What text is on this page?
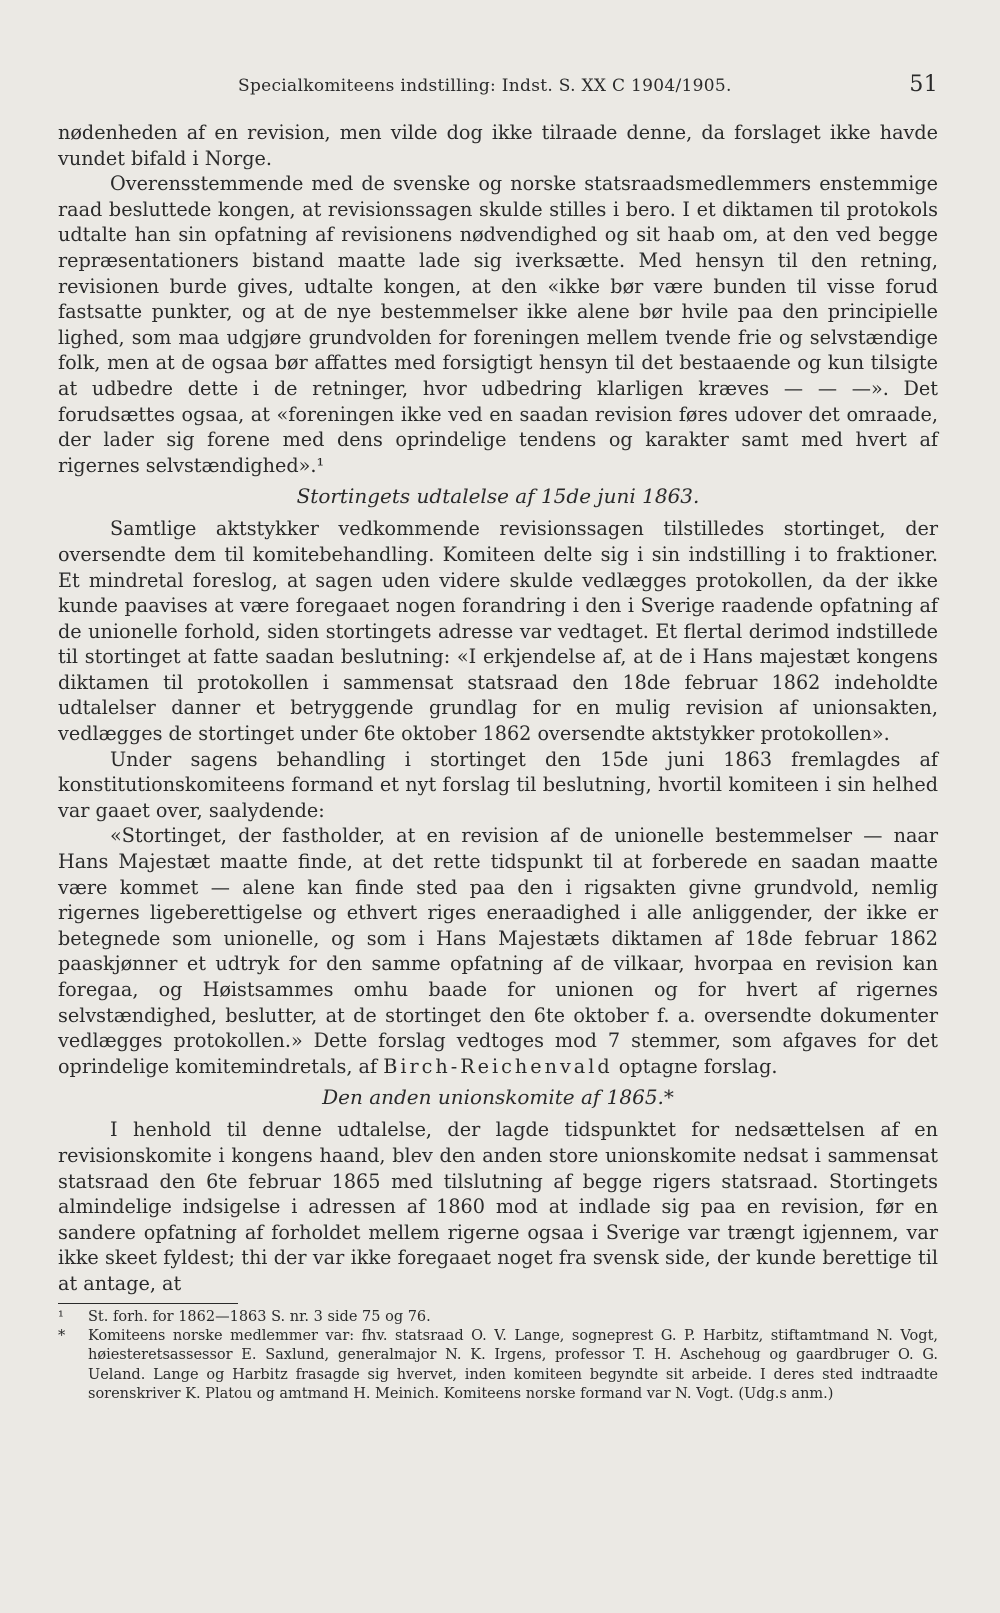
Specialkomiteens indstilling: Indst. S. XX C 1904/1905.	51

nødenheden af en revision, men vilde dog ikke tilraade denne, da forslaget ikke havde vundet bifald i Norge.

Overensstemmende med de svenske og norske statsraadsmedlemmers enstemmige raad besluttede kongen, at revisionssagen skulde stilles i bero. I et diktamen til protokols udtalte han sin opfatning af revisionens nødvendighed og sit haab om, at den ved begge repræsentationers bistand maatte lade sig iverksætte. Med hensyn til den retning, revisionen burde gives, udtalte kongen, at den «ikke bør være bunden til visse forud fastsatte punkter, og at de nye bestemmelser ikke alene bør hvile paa den principielle lighed, som maa udgjøre grundvolden for foreningen mellem tvende frie og selvstændige folk, men at de ogsaa bør affattes med forsigtigt hensyn til det bestaaende og kun tilsigte at udbedre dette i de retninger, hvor udbedring klarligen kræves — — —». Det forudsættes ogsaa, at «foreningen ikke ved en saadan revision føres udover det omraade, der lader sig forene med dens oprindelige tendens og karakter samt med hvert af rigernes selvstændighed».¹

Stortingets udtalelse af 15de juni 1863.

Samtlige aktstykker vedkommende revisionssagen tilstilledes stortinget, der oversendte dem til komitebehandling. Komiteen delte sig i sin indstilling i to fraktioner. Et mindretal foreslog, at sagen uden videre skulde vedlægges protokollen, da der ikke kunde paavises at være foregaaet nogen forandring i den i Sverige raadende opfatning af de unionelle forhold, siden stortingets adresse var vedtaget. Et flertal derimod indstillede til stortinget at fatte saadan beslutning: «I erkjendelse af, at de i Hans majestæt kongens diktamen til protokollen i sammensat statsraad den 18de februar 1862 indeholdte udtalelser danner et betryggende grundlag for en mulig revision af unionsakten, vedlægges de stortinget under 6te oktober 1862 oversendte aktstykker protokollen».

Under sagens behandling i stortinget den 15de juni 1863 fremlagdes af konstitutionskomiteens formand et nyt forslag til beslutning, hvortil komiteen i sin helhed var gaaet over, saalydende:

«Stortinget, der fastholder, at en revision af de unionelle bestemmelser — naar Hans Majestæt maatte finde, at det rette tidspunkt til at forberede en saadan maatte være kommet — alene kan finde sted paa den i rigsakten givne grundvold, nemlig rigernes ligeberettigelse og ethvert riges eneraadighed i alle anliggender, der ikke er betegnede som unionelle, og som i Hans Majestæts diktamen af 18de februar 1862 paaskjønner et udtryk for den samme opfatning af de vilkaar, hvorpaa en revision kan foregaa, og Høistsammes omhu baade for unionen og for hvert af rigernes selvstændighed, beslutter, at de stortinget den 6te oktober f. a. oversendte dokumenter vedlægges protokollen.» Dette forslag vedtoges mod 7 stemmer, som afgaves for det oprindelige komitemindretals, af Birch-Reichenvald optagne forslag.

Den anden unionskomite af 1865.*

I henhold til denne udtalelse, der lagde tidspunktet for nedsættelsen af en revisionskomite i kongens haand, blev den anden store unionskomite nedsat i sammensat statsraad den 6te februar 1865 med tilslutning af begge rigers statsraad. Stortingets almindelige indsigelse i adressen af 1860 mod at indlade sig paa en revision, før en sandere opfatning af forholdet mellem rigerne ogsaa i Sverige var trængt igjennem, var ikke skeet fyldest; thi der var ikke foregaaet noget fra svensk side, der kunde berettige til at antage, at

¹ St. forh. for 1862—1863 S. nr. 3 side 75 og 76.

* Komiteens norske medlemmer var: fhv. statsraad O. V. Lange, sogneprest G. P. Harbitz, stiftamtmand N. Vogt, høiesteretsassessor E. Saxlund, generalmajor N. K. Irgens, professor T. H. Aschehoug og gaardbruger O. G. Ueland. Lange og Harbitz frasagde sig hvervet, inden komiteen begyndte sit arbeide. I deres sted indtraadte sorenskriver K. Platou og amtmand H. Meinich. Komiteens norske formand var N. Vogt. (Udg.s anm.)
